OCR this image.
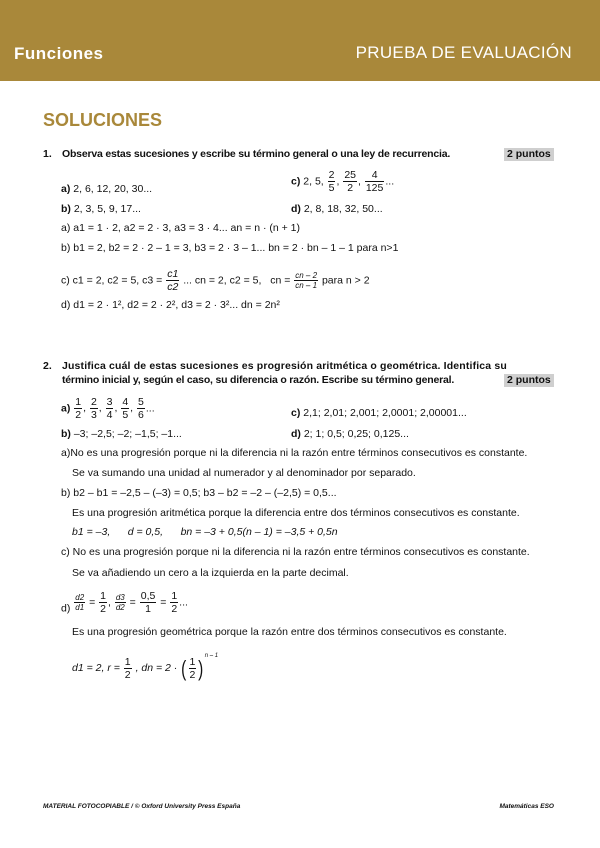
Funciones	PRUEBA DE EVALUACIÓN
SOLUCIONES
1. Observa estas sucesiones y escribe su término general o una ley de recurrencia.	2 puntos
a) 2, 6, 12, 20, 30...
b) 2, 3, 5, 9, 17...
c) 2, 5, $\frac{2}{5}$ , $\frac{25}{2}$ , $\frac{4}{125}$ ...
d) 2, 8, 18, 32, 50...
a) a1 = 1 · 2, a2 = 2 · 3, a3 = 3 · 4... an = n · (n + 1)
b) b1 = 2, b2 = 2 · 2 – 1 = 3, b3 = 2 · 3 – 1... bn = 2 · bn – 1 – 1 para n>1
c) c1 = 2, c2 = 5, $c3 = \frac{c1}{c2}$ ... cn = 2, c2 = 5, cn = $\frac{cn - 2}{cn - 1}$ para n > 2
d) d1 = 2 · 1², d2 = 2 · 2², d3 = 2 · 3²... dn = 2n²
2. Justifica cuál de estas sucesiones es progresión aritmética o geométrica. Identifica su
término inicial y, según el caso, su diferencia o razón. Escribe su término general.	2 puntos
$a) \frac{1}{2}$ , $\frac{2}{3}$ , $\frac{3}{4}$ , $\frac{4}{5}$ , $\frac{5}{6}$ ...
b) –3; –2,5; –2; –1,5; –1...
c) 2,1; 2,01; 2,001; 2,0001; 2,00001...
d) 2; 1; 0,5; 0,25; 0,125...
a)No es una progresión porque ni la diferencia ni la razón entre términos consecutivos es constante.
Se va sumando una unidad al numerador y al denominador por separado.
b) b2 – b1 = –2,5 – (–3) = 0,5; b3 – b2 = –2 – (–2,5) = 0,5...
Es una progresión aritmética porque la diferencia entre dos términos consecutivos es constante.
b1 = –3,      d = 0,5,      bn = –3 + 0,5(n – 1) = –3,5 + 0,5n
c) No es una progresión porque ni la diferencia ni la razón entre términos consecutivos es constante.
Se va añadiendo un cero a la izquierda en la parte decimal.
$d) \frac{d2}{d1} = \frac{1}{2}$ , $\frac{d3}{d2} = \frac{0,5}{1} = \frac{1}{2}$ ...
Es una progresión geométrica porque la razón entre dos términos consecutivos es constante.
d1 = 2, $r = \frac{1}{2}$ , dn = 2 · ( $\frac{1}{2} )^{n - 1}$
MATERIAL FOTOCOPIABLE / © Oxford University Press España	Matemáticas ESO
